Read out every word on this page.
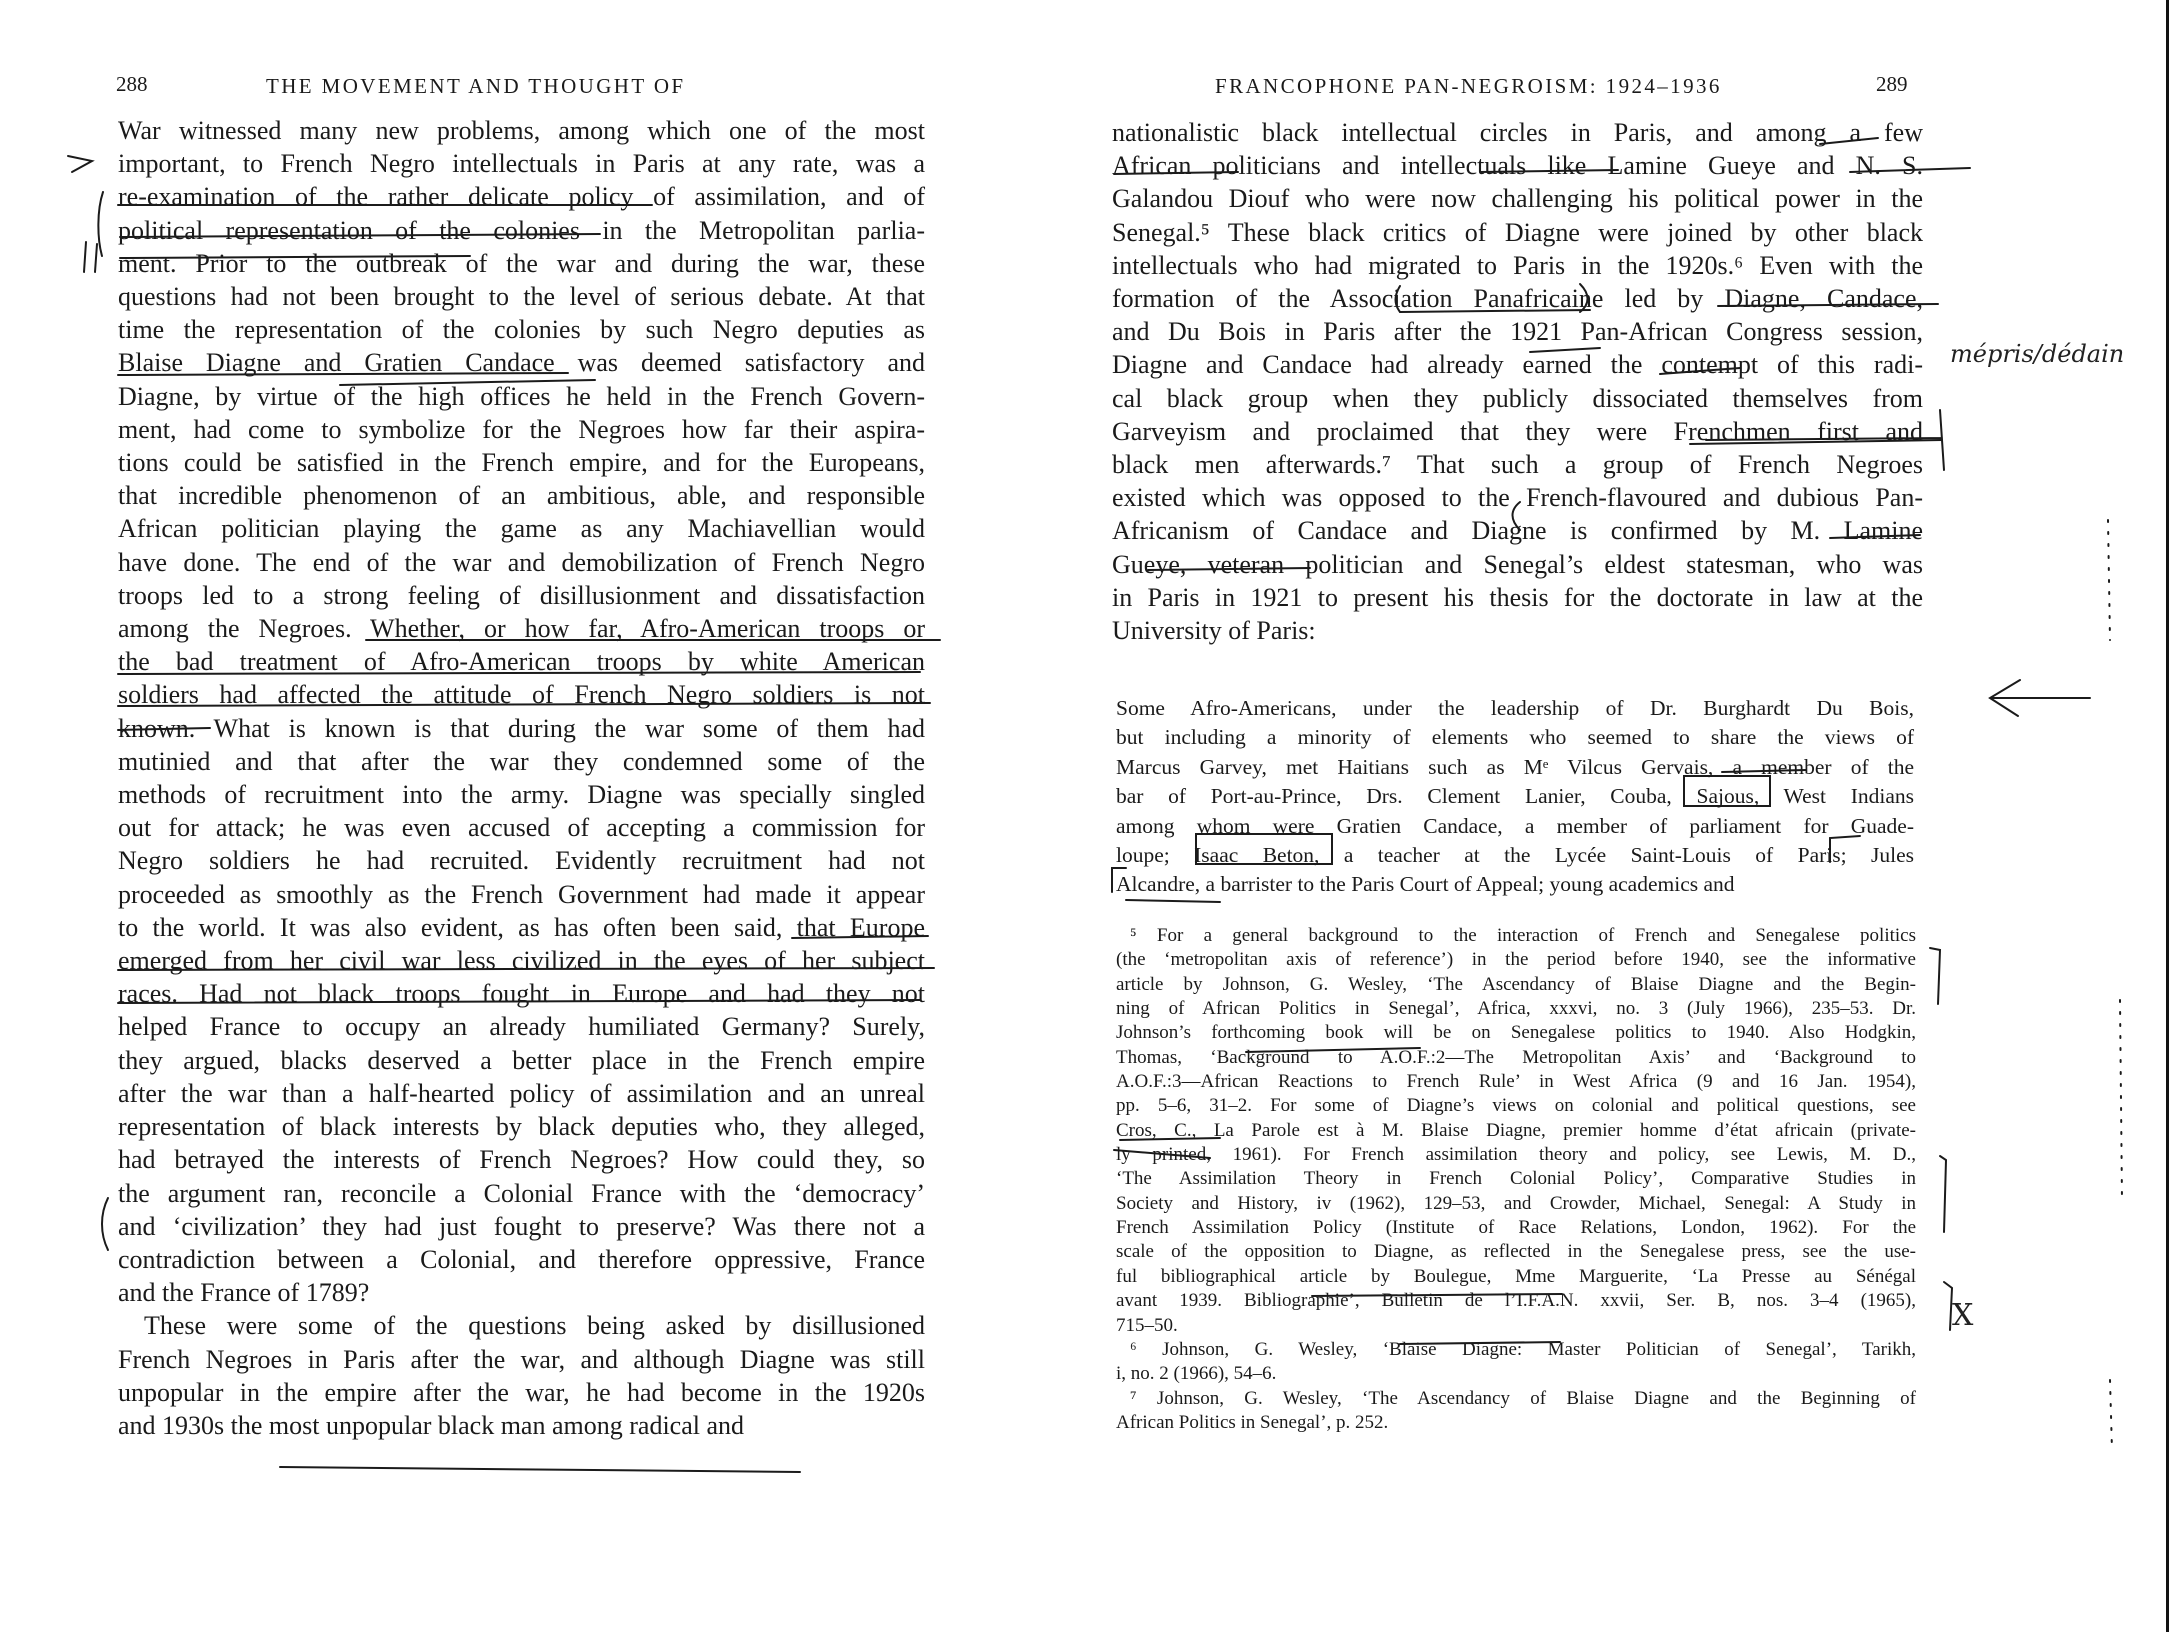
288	THE MOVEMENT AND THOUGHT OF
War witnessed many new problems, among which one of the most
important, to French Negro intellectuals in Paris at any rate, was a
re-examination of the rather delicate policy of assimilation, and of
political representation of the colonies in the Metropolitan parlia-
ment. Prior to the outbreak of the war and during the war, these
questions had not been brought to the level of serious debate. At that
time the representation of the colonies by such Negro deputies as
Blaise Diagne and Gratien Candace was deemed satisfactory and
Diagne, by virtue of the high offices he held in the French Govern-
ment, had come to symbolize for the Negroes how far their aspira-
tions could be satisfied in the French empire, and for the Europeans,
that incredible phenomenon of an ambitious, able, and responsible
African politician playing the game as any Machiavellian would
have done. The end of the war and demobilization of French Negro
troops led to a strong feeling of disillusionment and dissatisfaction
among the Negroes. Whether, or how far, Afro-American troops or
the bad treatment of Afro-American troops by white American
soldiers had affected the attitude of French Negro soldiers is not
known. What is known is that during the war some of them had
mutinied and that after the war they condemned some of the
methods of recruitment into the army. Diagne was specially singled
out for attack; he was even accused of accepting a commission for
Negro soldiers he had recruited. Evidently recruitment had not
proceeded as smoothly as the French Government had made it appear
to the world. It was also evident, as has often been said, that Europe
emerged from her civil war less civilized in the eyes of her subject
races. Had not black troops fought in Europe and had they not
helped France to occupy an already humiliated Germany? Surely,
they argued, blacks deserved a better place in the French empire
after the war than a half-hearted policy of assimilation and an unreal
representation of black interests by black deputies who, they alleged,
had betrayed the interests of French Negroes? How could they, so
the argument ran, reconcile a Colonial France with the ‘democracy’
and ‘civilization’ they had just fought to preserve? Was there not a
contradiction between a Colonial, and therefore oppressive, France
and the France of 1789?
These were some of the questions being asked by disillusioned
French Negroes in Paris after the war, and although Diagne was still
unpopular in the empire after the war, he had become in the 1920s
and 1930s the most unpopular black man among radical and
FRANCOPHONE PAN-NEGROISM: 1924–1936	289
nationalistic black intellectual circles in Paris, and among a few
African politicians and intellectuals like Lamine Gueye and N. S.
Galandou Diouf who were now challenging his political power in the
Senegal.⁵ These black critics of Diagne were joined by other black
intellectuals who had migrated to Paris in the 1920s.⁶ Even with the
formation of the Association Panafricaine led by Diagne, Candace,
and Du Bois in Paris after the 1921 Pan-African Congress session,
Diagne and Candace had already earned the contempt of this radi-
cal black group when they publicly dissociated themselves from
Garveyism and proclaimed that they were Frenchmen first and
black men afterwards.⁷ That such a group of French Negroes
existed which was opposed to the French-flavoured and dubious Pan-
Africanism of Candace and Diagne is confirmed by M. Lamine
Gueye, veteran politician and Senegal’s eldest statesman, who was
in Paris in 1921 to present his thesis for the doctorate in law at the
University of Paris:
Some Afro-Americans, under the leadership of Dr. Burghardt Du Bois,
but including a minority of elements who seemed to share the views of
Marcus Garvey, met Haitians such as Mᵉ Vilcus Gervais, a member of the
bar of Port-au-Prince, Drs. Clement Lanier, Couba, Sajous, West Indians
among whom were Gratien Candace, a member of parliament for Guade-
loupe; Isaac Beton, a teacher at the Lycée Saint-Louis of Paris; Jules
Alcandre, a barrister to the Paris Court of Appeal; young academics and
⁵ For a general background to the interaction of French and Senegalese politics
(the ‘metropolitan axis of reference’) in the period before 1940, see the informative
article by Johnson, G. Wesley, ‘The Ascendancy of Blaise Diagne and the Begin-
ning of African Politics in Senegal’, Africa, xxxvi, no. 3 (July 1966), 235–53. Dr.
Johnson’s forthcoming book will be on Senegalese politics to 1940. Also Hodgkin,
Thomas, ‘Background to A.O.F.:2—The Metropolitan Axis’ and ‘Background to
A.O.F.:3—African Reactions to French Rule’ in West Africa (9 and 16 Jan. 1954),
pp. 5–6, 31–2. For some of Diagne’s views on colonial and political questions, see
Cros, C., La Parole est à M. Blaise Diagne, premier homme d’état africain (private-
ly printed, 1961). For French assimilation theory and policy, see Lewis, M. D.,
‘The Assimilation Theory in French Colonial Policy’, Comparative Studies in
Society and History, iv (1962), 129–53, and Crowder, Michael, Senegal: A Study in
French Assimilation Policy (Institute of Race Relations, London, 1962). For the
scale of the opposition to Diagne, as reflected in the Senegalese press, see the use-
ful bibliographical article by Boulegue, Mme Marguerite, ‘La Presse au Sénégal
avant 1939. Bibliographie’, Bulletin de l’I.F.A.N. xxvii, Ser. B, nos. 3–4 (1965),
715–50.
⁶ Johnson, G. Wesley, ‘Blaise Diagne: Master Politician of Senegal’, Tarikh,
i, no. 2 (1966), 54–6.
⁷ Johnson, G. Wesley, ‘The Ascendancy of Blaise Diagne and the Beginning of
African Politics in Senegal’, p. 252.
mépris/dédain
X
